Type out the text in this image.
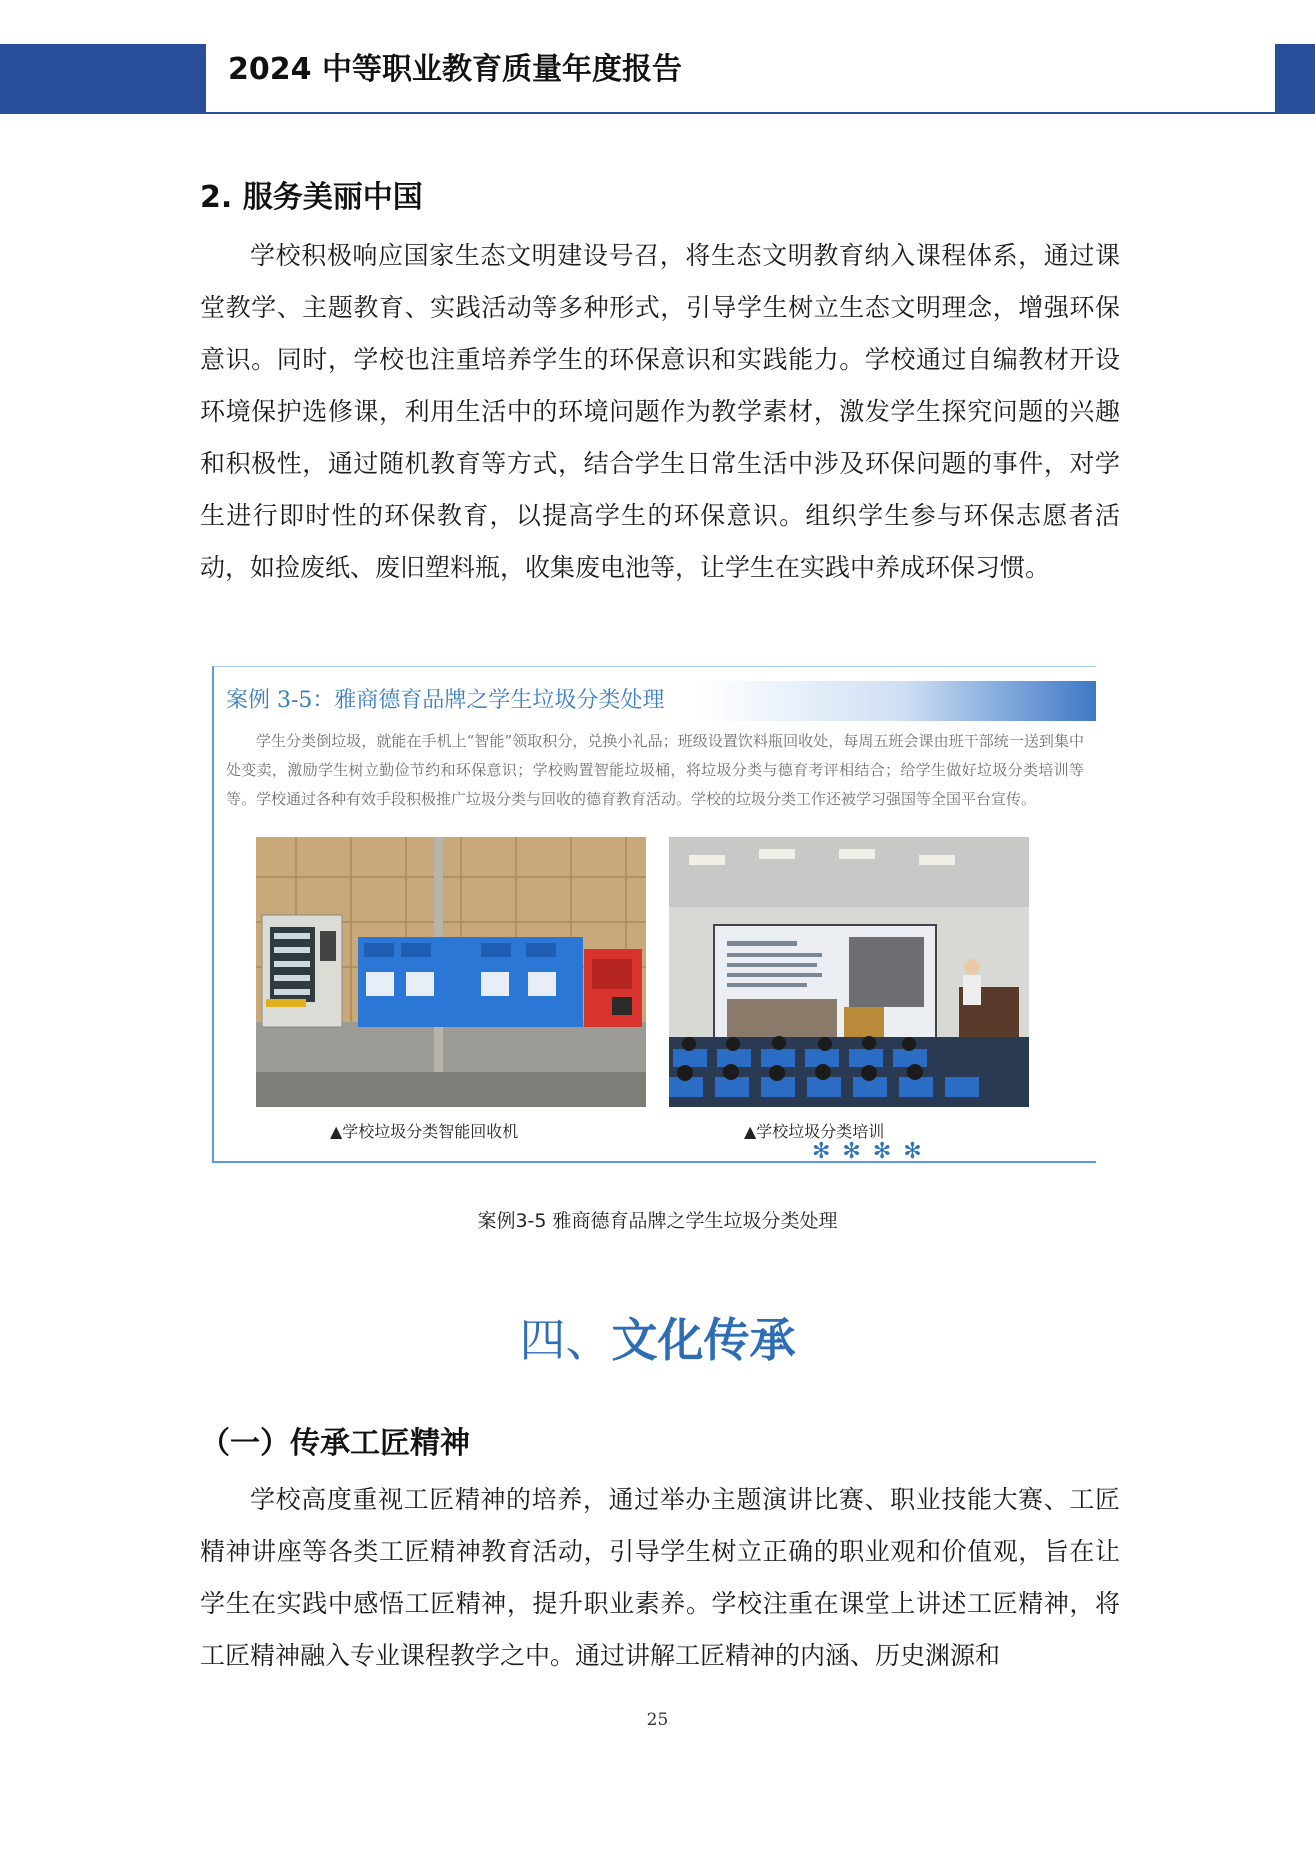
2024 中等职业教育质量年度报告
2. 服务美丽中国

学校积极响应国家生态文明建设号召，将生态文明教育纳入课程体系，通过课堂教学、主题教育、实践活动等多种形式，引导学生树立生态文明理念，增强环保意识。同时，学校也注重培养学生的环保意识和实践能力。学校通过自编教材开设环境保护选修课，利用生活中的环境问题作为教学素材，激发学生探究问题的兴趣和积极性，通过随机教育等方式，结合学生日常生活中涉及环保问题的事件，对学生进行即时性的环保教育，以提高学生的环保意识。组织学生参与环保志愿者活动，如捡废纸、废旧塑料瓶，收集废电池等，让学生在实践中养成环保习惯。

案例 3-5：雅商德育品牌之学生垃圾分类处理

学生分类倒垃圾，就能在手机上“智能”领取积分，兑换小礼品；班级设置饮料瓶回收处，每周五班会课由班干部统一送到集中处变卖，激励学生树立勤俭节约和环保意识；学校购置智能垃圾桶，将垃圾分类与德育考评相结合；给学生做好垃圾分类培训等等。学校通过各种有效手段积极推广垃圾分类与回收的德育教育活动。学校的垃圾分类工作还被学习强国等全国平台宣传。

▲学校垃圾分类智能回收机	▲学校垃圾分类培训
✻✻✻✻
案例3-5 雅商德育品牌之学生垃圾分类处理
四、文化传承
（一）传承工匠精神

学校高度重视工匠精神的培养，通过举办主题演讲比赛、职业技能大赛、工匠精神讲座等各类工匠精神教育活动，引导学生树立正确的职业观和价值观，旨在让学生在实践中感悟工匠精神，提升职业素养。学校注重在课堂上讲述工匠精神，将工匠精神融入专业课程教学之中。通过讲解工匠精神的内涵、历史渊源和

25
